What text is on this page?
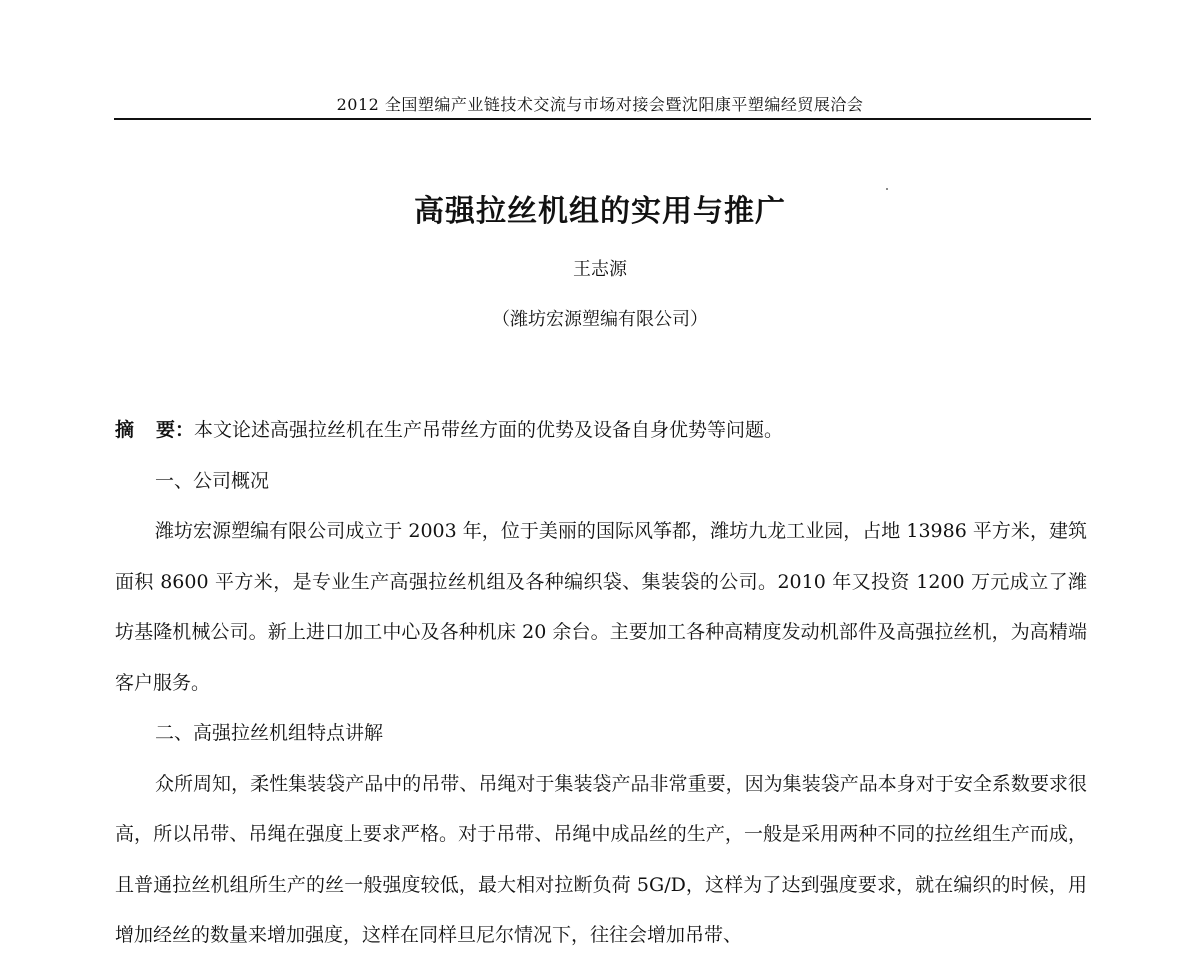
2012 全国塑编产业链技术交流与市场对接会暨沈阳康平塑编经贸展洽会
高强拉丝机组的实用与推广
王志源
（潍坊宏源塑编有限公司）

摘 要：本文论述高强拉丝机在生产吊带丝方面的优势及设备自身优势等问题。

一、公司概况

潍坊宏源塑编有限公司成立于 2003 年，位于美丽的国际风筝都，潍坊九龙工业园，占地 13986 平方米，建筑面积 8600 平方米，是专业生产高强拉丝机组及各种编织袋、集装袋的公司。2010 年又投资 1200 万元成立了潍坊基隆机械公司。新上进口加工中心及各种机床 20 余台。主要加工各种高精度发动机部件及高强拉丝机，为高精端客户服务。

二、高强拉丝机组特点讲解

众所周知，柔性集装袋产品中的吊带、吊绳对于集装袋产品非常重要，因为集装袋产品本身对于安全系数要求很高，所以吊带、吊绳在强度上要求严格。对于吊带、吊绳中成品丝的生产，一般是采用两种不同的拉丝组生产而成，且普通拉丝机组所生产的丝一般强度较低，最大相对拉断负荷 5G/D，这样为了达到强度要求，就在编织的时候，用增加经丝的数量来增加强度，这样在同样旦尼尔情况下，往往会增加吊带、
